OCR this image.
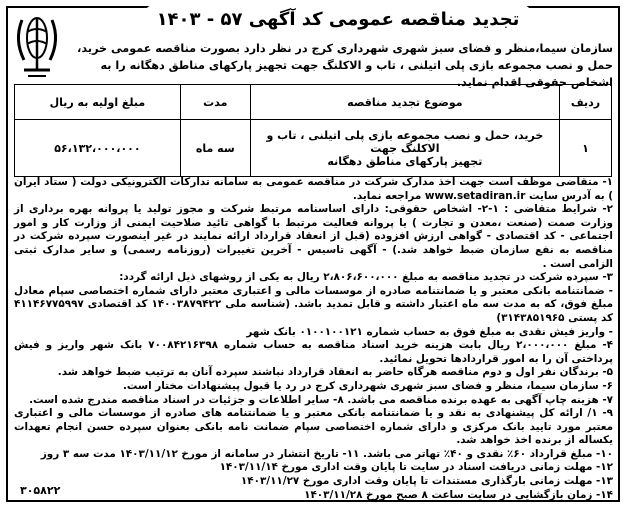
تجدید مناقصه عمومی کد آگهی ۵۷ - ۱۴۰۳
سازمان سیما،منظر و فضای سبز شهری شهرداری کرج در نظر دارد بصورت مناقصه عمومی خرید، حمل و نصب مجموعه بازی پلی اتیلنی ، تاب و الاکلنگ جهت تجهیز پارکهای مناطق دهگانه را به اشخاص حقوقی اقدام نماید.
ردیف	موضوع تجدید مناقصه	مدت	مبلغ اولیه به ریال
۱	خرید، حمل و نصب مجموعه بازی پلی اتیلنی ، تاب و الاکلنگ جهت
تجهیز پارکهای مناطق دهگانه	سه ماه	۵۶،۱۳۲،۰۰۰،۰۰۰

۱- متقاضی موظف است جهت اخذ مدارک شرکت در مناقصه عمومی به سامانه تدارکات الکترونیکی دولت ( ستاد ایران ) به آدرس سایت www.setadiran.ir مراجعه نماید.

۲- شرایط متقاضی : ۱-۲- اشخاص حقوقی: دارای اساسنامه مرتبط شرکت و مجوز تولید یا پروانه بهره برداری از وزارت صمت (صنعت ،معدن و تجارت ) یا پروانه فعالیت مرتبط با گواهی تائید صلاحیت ایمنی از وزارت کار و امور اجتماعی - کد اقتصادی - گواهی ارزش افزوده (قبل از انعقاد قرارداد ارائه نمایند در غیر اینصورت سپرده شرکت در مناقصه به نفع سازمان ضبط خواهد شد.) - آگهی تاسیس - آخرین تغییرات (روزنامه رسمی) و سایر مدارک ثبتی الزامی است .

۳- سپرده شرکت در تجدید مناقصه به مبلغ ۲،۸۰۶،۶۰۰،۰۰۰ ریال به یکی از روشهای ذیل ارائه گردد:

- ضمانتنامه بانکی معتبر و یا ضمانتنامه صادره از موسسات مالی و اعتباری معتبر دارای شماره اختصاصی سپام معادل مبلغ فوق، که به مدت سه ماه اعتبار داشته و قابل تمدید باشد. (شناسه ملی ۱۴۰۰۳۸۷۹۴۲۲ کد اقتصادی ۴۱۱۴۶۷۷۵۹۹۷ کد پستی ۳۱۴۳۸۵۱۹۶۵)

- واریز فیش نقدی به مبلغ فوق به حساب شماره ۰۱۰۰۱۰۰۱۲۱ بانک شهر

۴- مبلغ ۲،۰۰۰،۰۰۰ ریال بابت هزینه خرید اسناد مناقصه به حساب شماره ۷۰۰۸۴۲۱۶۳۹۸ بانک شهر واریز و فیش پرداختی آن را به امور قراردادها تحویل نمائید.

۵- برندگان نفر اول و دوم مناقصه هرگاه حاضر به انعقاد قرارداد نباشند سپرده آنان به ترتیب ضبط خواهد شد.

۶- سازمان سیما، منظر و فضای سبز شهری شهرداری کرج در رد یا قبول پیشنهادات مختار است.

۷- هزینه چاپ آگهی به عهده برنده مناقصه می باشد. ۸- سایر اطلاعات و جزئیات در اسناد مناقصه مندرج شده است.

۹- ۱/ ارائه کل پیشنهادی به نقد و یا ضمانتنامه بانکی معتبر و یا ضمانتنامه های صادره از موسسات مالی و اعتباری معتبر مورد تایید بانک مرکزی و دارای شماره اختصاصی سپام ضمانت نامه بانکی بعنوان سپرده حسن انجام تعهدات یکساله از برنده اخذ خواهد شد.

۱۰- مبلغ قرارداد ۶۰٪ نقدی و ۴۰٪ تهاتر می باشد. ۱۱- تاریخ انتشار در سامانه از مورخ ۱۴۰۳/۱۱/۱۲ مدت سه ۳ روز

۱۲- مهلت زمانی دریافت اسناد در سایت تا پایان وقت اداری مورخ ۱۴۰۳/۱۱/۱۴

۱۳- مهلت زمانی بارگذاری مستندات تا پایان وقت اداری مورخ ۱۴۰۳/۱۱/۲۷

۱۴- زمان بازگشایی در سایت ساعت ۸ صبح مورخ ۱۴۰۳/۱۱/۲۸

۳۰۵۸۲۲
